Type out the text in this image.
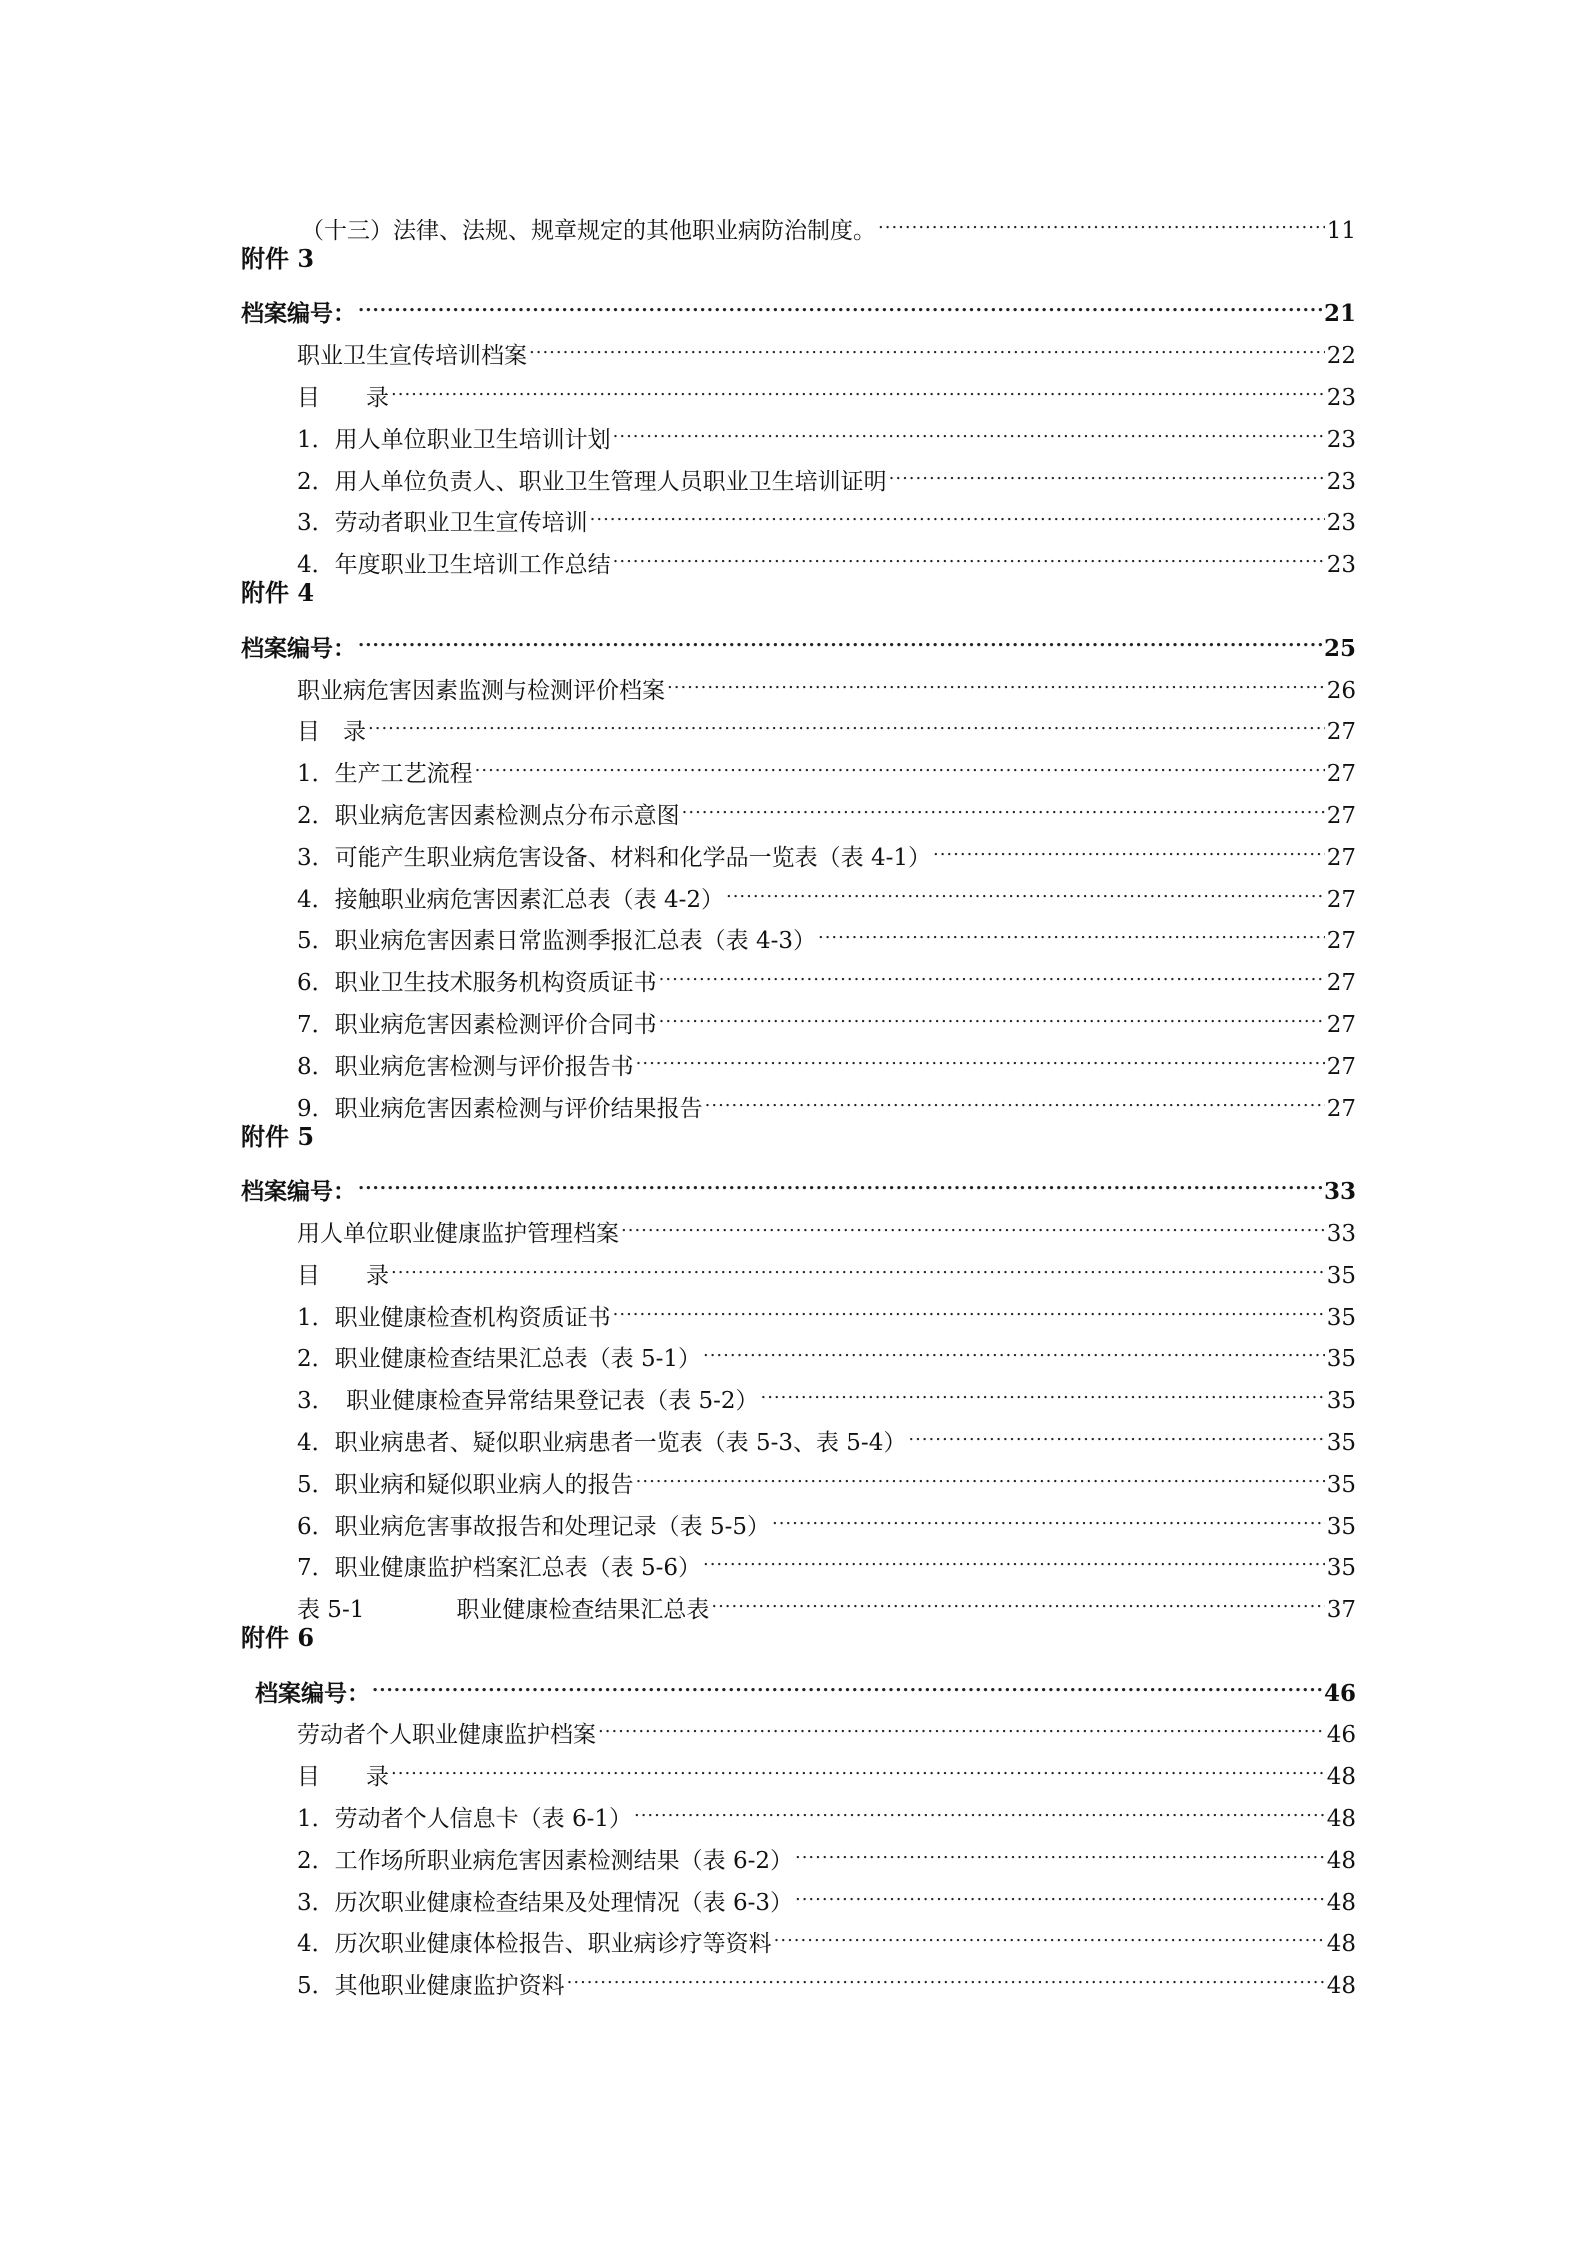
（十三）法律、法规、规章规定的其他职业病防治制度。 .....	11
附件 3
档案编号： .....	21
职业卫生宣传培训档案 .....	22
目　　录 .....	23
1．用人单位职业卫生培训计划 .....	23
2．用人单位负责人、职业卫生管理人员职业卫生培训证明 .....	23
3．劳动者职业卫生宣传培训 .....	23
4．年度职业卫生培训工作总结 .....	23
附件 4
档案编号： .....	25
职业病危害因素监测与检测评价档案 .....	26
目　录 .....	27
1．生产工艺流程 .....	27
2．职业病危害因素检测点分布示意图 .....	27
3．可能产生职业病危害设备、材料和化学品一览表（表 4-1） .....	27
4．接触职业病危害因素汇总表（表 4-2） .....	27
5．职业病危害因素日常监测季报汇总表（表 4-3） .....	27
6．职业卫生技术服务机构资质证书 .....	27
7．职业病危害因素检测评价合同书 .....	27
8．职业病危害检测与评价报告书 .....	27
9．职业病危害因素检测与评价结果报告 .....	27
附件 5
档案编号： .....	33
用人单位职业健康监护管理档案 .....	33
目　　录 .....	35
1．职业健康检查机构资质证书 .....	35
2．职业健康检查结果汇总表（表 5-1） .....	35
3．　职业健康检查异常结果登记表（表 5-2） .....	35
4．职业病患者、疑似职业病患者一览表（表 5-3、表 5-4） .....	35
5．职业病和疑似职业病人的报告 .....	35
6．职业病危害事故报告和处理记录（表 5-5） .....	35
7．职业健康监护档案汇总表（表 5-6） .....	35
表 5-1　　　　职业健康检查结果汇总表 .....	37
附件 6
档案编号： .....	46
劳动者个人职业健康监护档案 .....	46
目　　录 .....	48
1．劳动者个人信息卡（表 6-1） .....	48
2．工作场所职业病危害因素检测结果（表 6-2） .....	48
3．历次职业健康检查结果及处理情况（表 6-3） .....	48
4．历次职业健康体检报告、职业病诊疗等资料 .....	48
5．其他职业健康监护资料 .....	48
